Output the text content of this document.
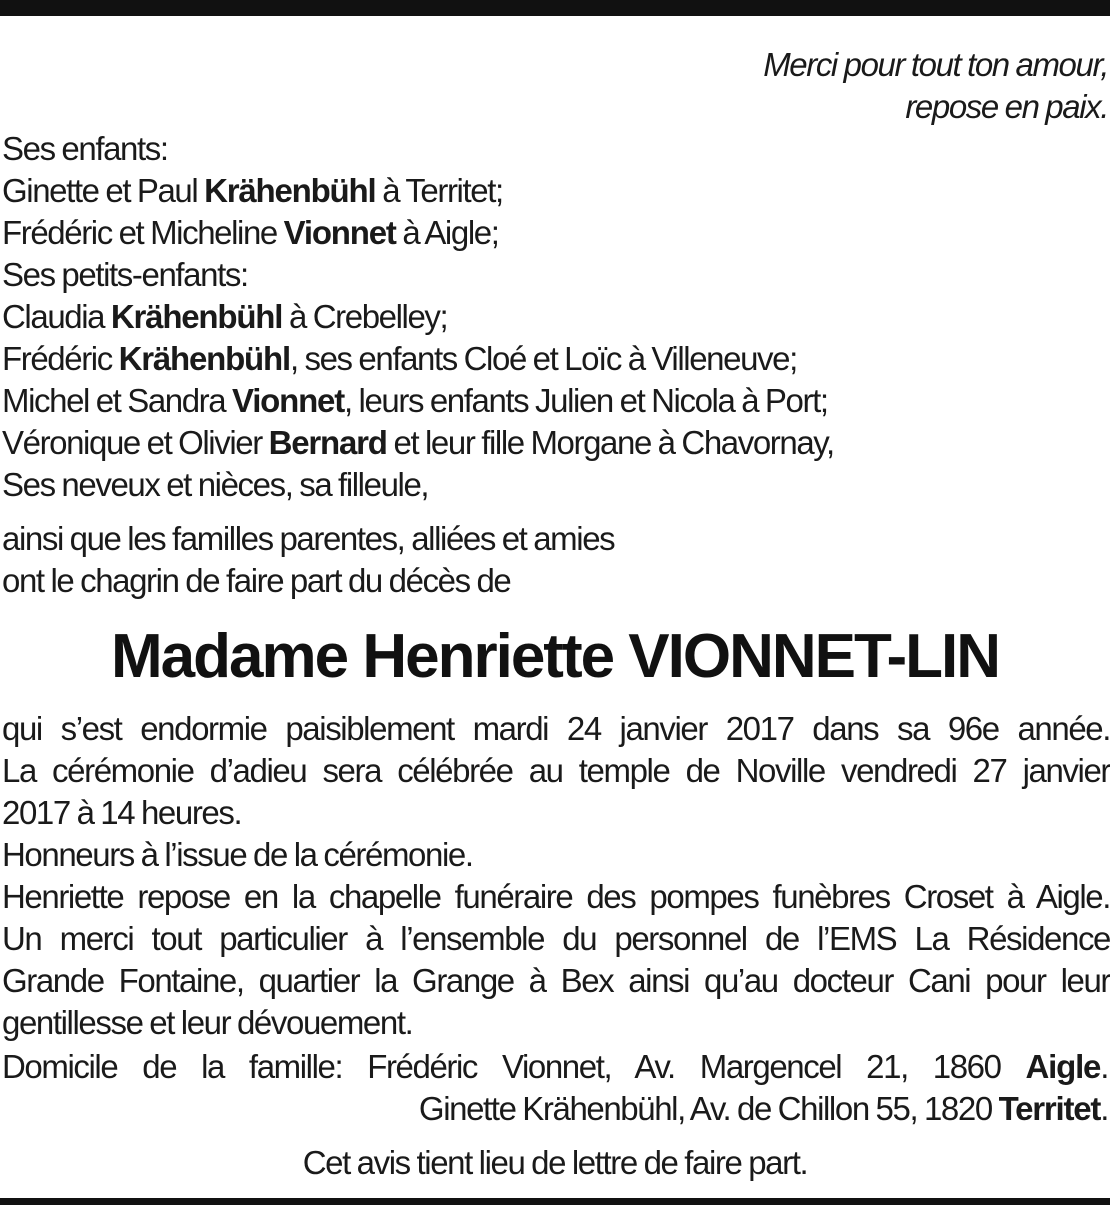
Merci pour tout ton amour,
repose en paix.
Ses enfants:
Ginette et Paul Krähenbühl à Territet;
Frédéric et Micheline Vionnet à Aigle;
Ses petits-enfants:
Claudia Krähenbühl à Crebelley;
Frédéric Krähenbühl, ses enfants Cloé et Loïc à Villeneuve;
Michel et Sandra Vionnet, leurs enfants Julien et Nicola à Port;
Véronique et Olivier Bernard et leur fille Morgane à Chavornay,
Ses neveux et nièces, sa filleule,
ainsi que les familles parentes, alliées et amies
ont le chagrin de faire part du décès de
Madame Henriette VIONNET-LIN
qui s’est endormie paisiblement mardi 24 janvier 2017 dans sa 96e année.
La cérémonie d’adieu sera célébrée au temple de Noville vendredi 27 janvier
2017 à 14 heures.
Honneurs à l’issue de la cérémonie.
Henriette repose en la chapelle funéraire des pompes funèbres Croset à Aigle.
Un merci tout particulier à l’ensemble du personnel de l’EMS La Résidence
Grande Fontaine, quartier la Grange à Bex ainsi qu’au docteur Cani pour leur
gentillesse et leur dévouement.
Domicile de la famille: Frédéric Vionnet, Av. Margencel 21, 1860 Aigle.
Ginette Krähenbühl, Av. de Chillon 55, 1820 Territet.
Cet avis tient lieu de lettre de faire part.
